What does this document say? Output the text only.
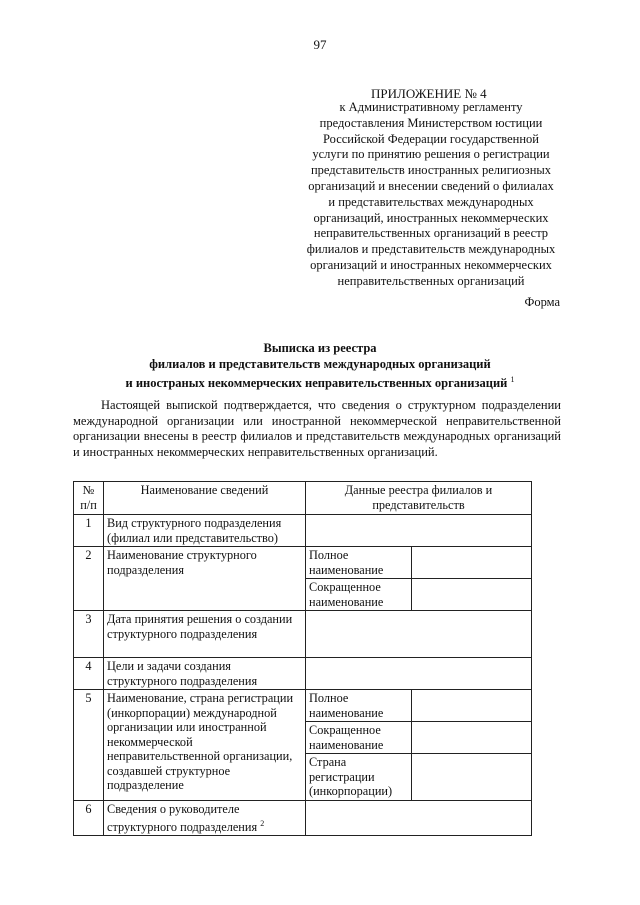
97
ПРИЛОЖЕНИЕ № 4
к Административному регламенту
предоставления Министерством юстиции
Российской Федерации государственной
услуги по принятию решения о регистрации
представительств иностранных религиозных
организаций и внесении сведений о филиалах
и представительствах международных
организаций, иностранных некоммерческих
неправительственных организаций в реестр
филиалов и представительств международных
организаций и иностранных некоммерческих
неправительственных организаций
Форма
Выписка из реестра
филиалов и представительств международных организаций
и иностраных некоммерческих неправительственных организаций $^1$
Настоящей выпиской подтверждается, что сведения о структурном подразделении международной организации или иностранной некоммерческой неправительственной организации внесены в реестр филиалов и представительств международных организаций и иностранных некоммерческих неправительственных организаций.
№ п/п	Наименование сведений	Данные реестра филиалов и представительств	
1	Вид структурного подразделения (филиал или представительство)		
2	Наименование структурного подразделения	Полное наименование	
		Сокращенное наименование	
3	Дата принятия решения о создании структурного подразделения		
4	Цели и задачи создания структурного подразделения		
5	Наименование, страна регистрации (инкорпорации) международной организации или иностранной некоммерческой неправительственной организации, создавшей структурное подразделение	Полное наименование	
		Сокращенное наименование	
		Страна регистрации (инкорпорации)	
6	Сведения о руководителе структурного подразделения $^2$	
